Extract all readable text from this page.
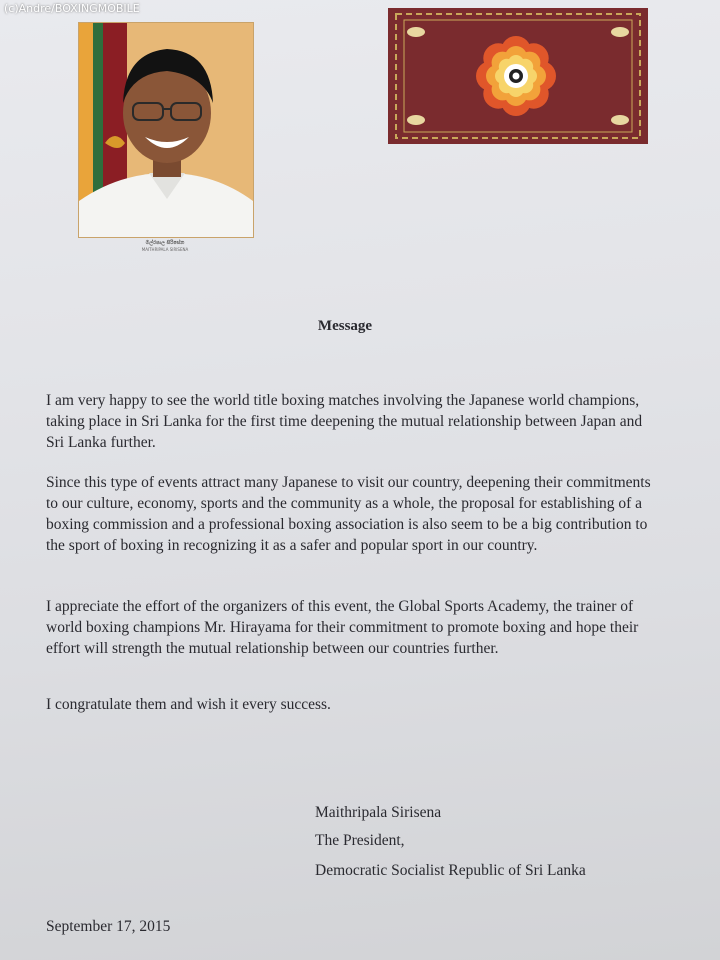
(c)Andre/BOXINGMOBILE
මල්රපාල සිරිසේන
MAITHRIPALA SIRISENA
Message

I am very happy to see the world title boxing matches involving the Japanese world champions, taking place in Sri Lanka for the first time deepening the mutual relationship between Japan and Sri Lanka further.

Since this type of events attract many Japanese to visit our country, deepening their commitments to our culture, economy, sports and the community as a whole, the proposal for establishing of a boxing commission and a professional boxing association is also seem to be a big contribution to the sport of boxing in recognizing it as a safer and popular sport in our country.

I appreciate the effort of the organizers of this event, the Global Sports Academy, the trainer of world boxing champions Mr. Hirayama for their commitment to promote boxing and hope their effort will strength the mutual relationship between our countries further.

I congratulate them and wish it every success.

Maithripala Sirisena
The President,
Democratic Socialist Republic of Sri Lanka
September 17, 2015
